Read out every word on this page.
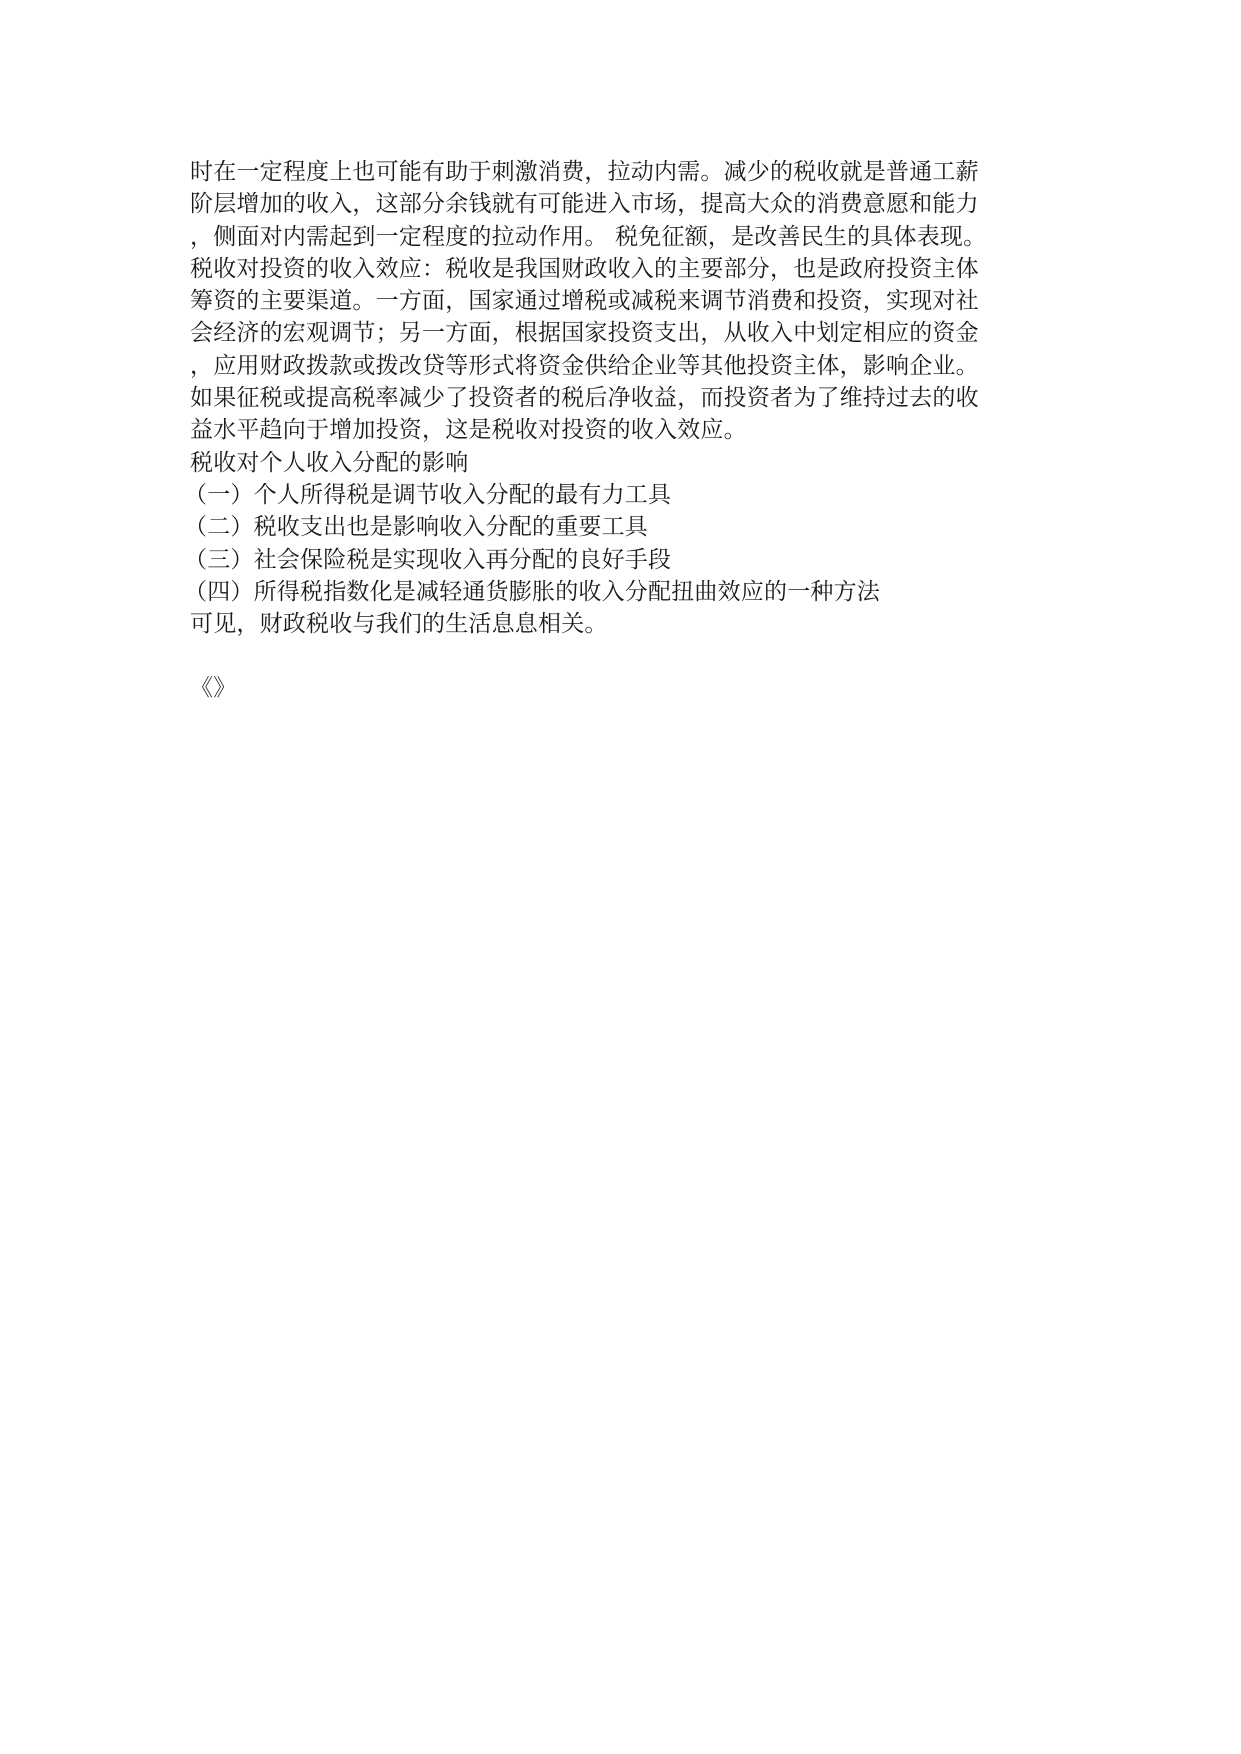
时在一定程度上也可能有助于刺激消费，拉动内需。减少的税收就是普通工薪
阶层增加的收入，这部分余钱就有可能进入市场，提高大众的消费意愿和能力
，侧面对内需起到一定程度的拉动作用。 税免征额，是改善民生的具体表现。
税收对投资的收入效应：税收是我国财政收入的主要部分，也是政府投资主体
筹资的主要渠道。一方面，国家通过增税或减税来调节消费和投资，实现对社
会经济的宏观调节；另一方面，根据国家投资支出，从收入中划定相应的资金
，应用财政拨款或拨改贷等形式将资金供给企业等其他投资主体，影响企业。
如果征税或提高税率减少了投资者的税后净收益，而投资者为了维持过去的收
益水平趋向于增加投资，这是税收对投资的收入效应。
税收对个人收入分配的影响
（一）个人所得税是调节收入分配的最有力工具
（二）税收支出也是影响收入分配的重要工具
（三）社会保险税是实现收入再分配的良好手段
（四）所得税指数化是减轻通货膨胀的收入分配扭曲效应的一种方法
可见，财政税收与我们的生活息息相关。
《》
